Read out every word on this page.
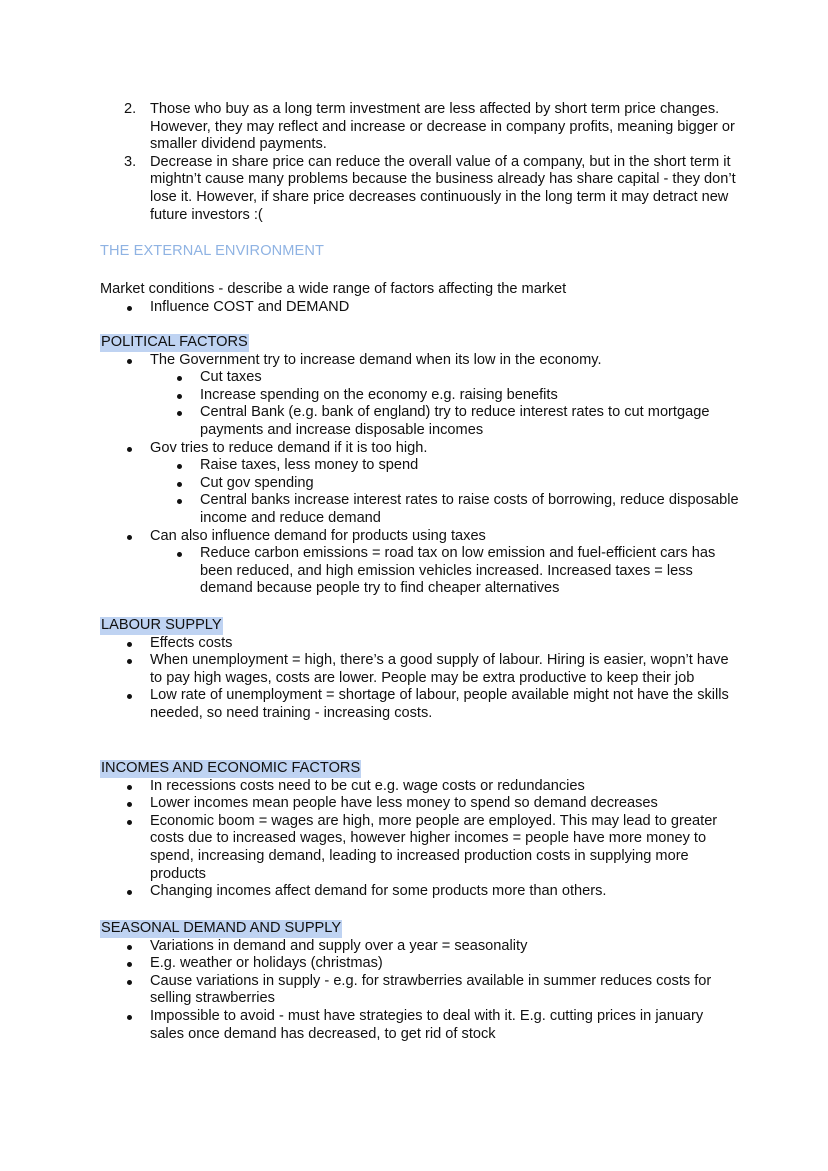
2. Those who buy as a long term investment are less affected by short term price changes. However, they may reflect and increase or decrease in company profits, meaning bigger or smaller dividend payments.
3. Decrease in share price can reduce the overall value of a company, but in the short term it mightn’t cause many problems because the business already has share capital - they don’t lose it. However, if share price decreases continuously in the long term it may detract new future investors :(
THE EXTERNAL ENVIRONMENT
Market conditions - describe a wide range of factors affecting the market
Influence COST and DEMAND
POLITICAL FACTORS
The Government try to increase demand when its low in the economy.
Cut taxes
Increase spending on the economy e.g. raising benefits
Central Bank (e.g. bank of england) try to reduce interest rates to cut mortgage payments and increase disposable incomes
Gov tries to reduce demand if it is too high.
Raise taxes, less money to spend
Cut gov spending
Central banks increase interest rates to raise costs of borrowing, reduce disposable income and reduce demand
Can also influence demand for products using taxes
Reduce carbon emissions = road tax on low emission and fuel-efficient cars has been reduced, and high emission vehicles increased. Increased taxes = less demand because people try to find cheaper alternatives
LABOUR SUPPLY
Effects costs
When unemployment = high, there’s a good supply of labour. Hiring is easier, wopn’t have to pay high wages, costs are lower. People may be extra productive to keep their job
Low rate of unemployment = shortage of labour, people available might not have the skills needed, so need training - increasing costs.
INCOMES AND ECONOMIC FACTORS
In recessions costs need to be cut e.g. wage costs or redundancies
Lower incomes mean people have less money to spend so demand decreases
Economic boom = wages are high, more people are employed. This may lead to greater costs due to increased wages, however higher incomes = people have more money to spend, increasing demand, leading to increased production costs in supplying more products
Changing incomes affect demand for some products more than others.
SEASONAL DEMAND AND SUPPLY
Variations in demand and supply over a year = seasonality
E.g. weather or holidays (christmas)
Cause variations in supply - e.g. for strawberries available in summer reduces costs for selling strawberries
Impossible to avoid - must have strategies to deal with it. E.g. cutting prices in january sales once demand has decreased, to get rid of stock
